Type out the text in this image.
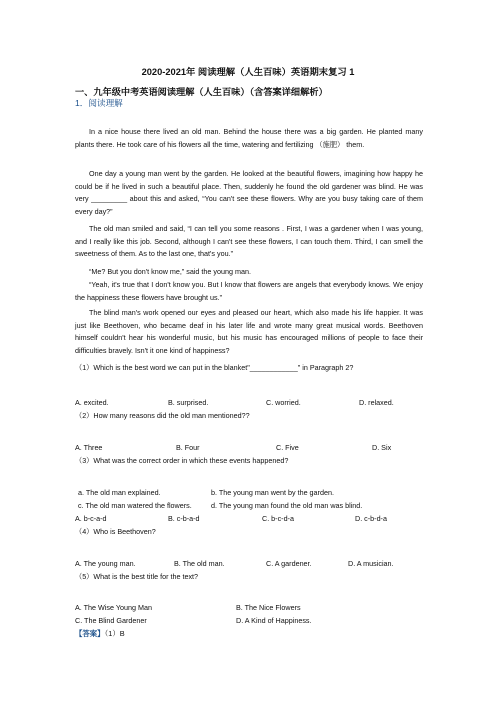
2020-2021年 阅读理解（人生百味）英语期末复习 1
一、九年级中考英语阅读理解（人生百味）（含答案详细解析）
1．阅读理解

In a nice house there lived an old man. Behind the house there was a big garden. He planted many plants there. He took care of his flowers all the time, watering and fertilizing （施肥） them.

One day a young man went by the garden. He looked at the beautiful flowers, imagining how happy he could be if he lived in such a beautiful place. Then, suddenly he found the old gardener was blind. He was very _________ about this and asked, “You can't see these flowers. Why are you busy taking care of them every day?”

The old man smiled and said, “I can tell you some reasons . First, I was a gardener when I was young, and I really like this job. Second, although I can't see these flowers, I can touch them. Third, I can smell the sweetness of them. As to the last one, that's you.”

“Me? But you don't know me,” said the young man.

“Yeah, it's true that I don't know you. But I know that flowers are angels that everybody knows. We enjoy the happiness these flowers have brought us.”

The blind man's work opened our eyes and pleased our heart, which also made his life happier. It was just like Beethoven, who became deaf in his later life and wrote many great musical words. Beethoven himself couldn't hear his wonderful music, but his music has encouraged millions of people to face their difficulties bravely. Isn't it one kind of happiness?

（1）Which is the best word we can put in the blanket"____________" in Paragraph 2?
A. excited.	B. surprised.	C. worried.	D. relaxed.
（2）How many reasons did the old man mentioned??
A. Three	B. Four	C. Five	D. Six
（3）What was the correct order in which these events happened?
a. The old man explained.	b. The young man went by the garden.
c. The old man watered the flowers.	d. The young man found the old man was blind.
A. b-c-a-d	B. c-b-a-d	C. b-c-d-a	D. c-b-d-a
（4）Who is Beethoven?
A. The young man.	B. The old man.	C. A gardener.	D. A musician.
（5）What is the best title for the text?
A. The Wise Young Man	B. The Nice Flowers
C. The Blind Gardener	D. A Kind of Happiness.
【答案】（1）B
